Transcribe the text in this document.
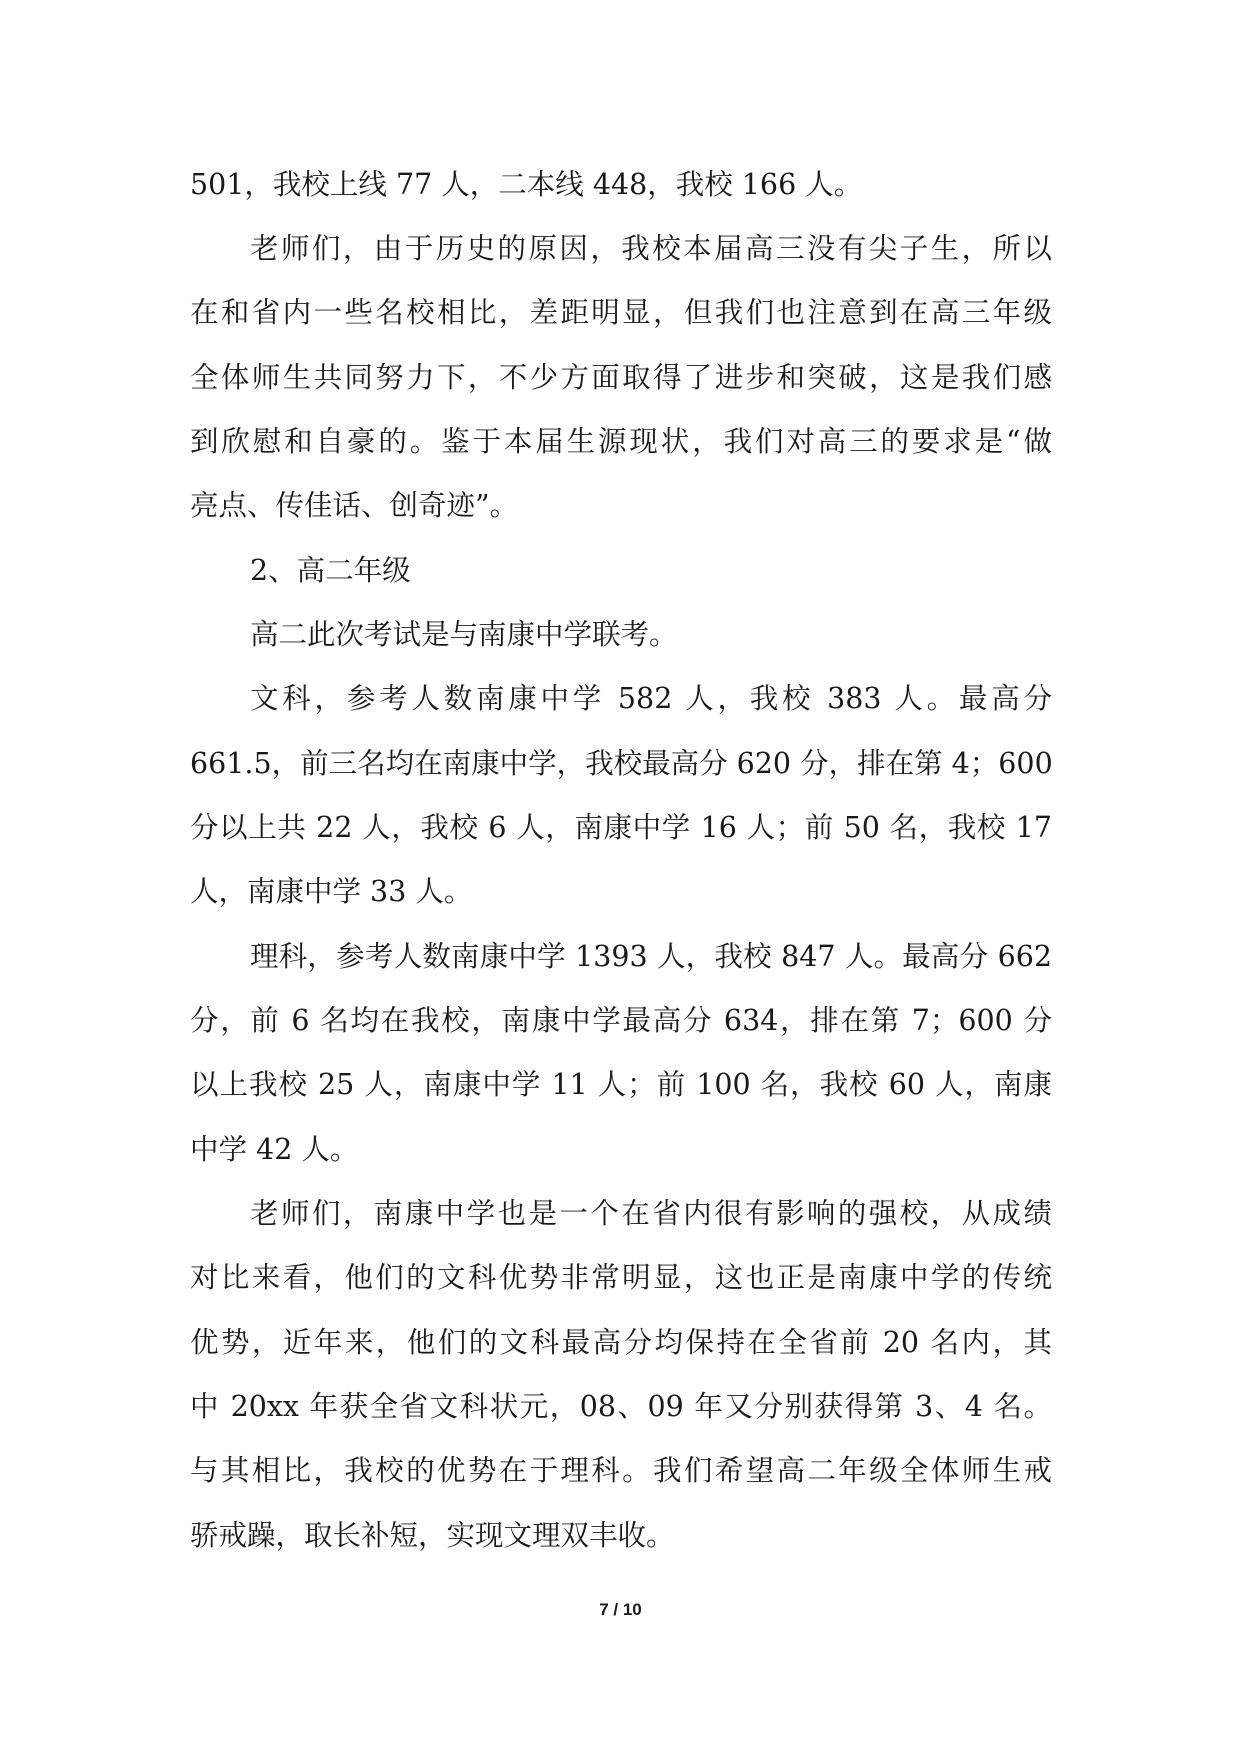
501，我校上线 77 人，二本线 448，我校 166 人。
老师们，由于历史的原因，我校本届高三没有尖子生，所以
在和省内一些名校相比，差距明显，但我们也注意到在高三年级
全体师生共同努力下，不少方面取得了进步和突破，这是我们感
到欣慰和自豪的。鉴于本届生源现状，我们对高三的要求是“做
亮点、传佳话、创奇迹”。
2、高二年级
高二此次考试是与南康中学联考。
文科，参考人数南康中学 582 人，我校 383 人。最高分
661.5，前三名均在南康中学，我校最高分 620 分，排在第 4；600
分以上共 22 人，我校 6 人，南康中学 16 人；前 50 名，我校 17
人，南康中学 33 人。
理科，参考人数南康中学 1393 人，我校 847 人。最高分 662
分，前 6 名均在我校，南康中学最高分 634，排在第 7；600 分
以上我校 25 人，南康中学 11 人；前 100 名，我校 60 人，南康
中学 42 人。
老师们，南康中学也是一个在省内很有影响的强校，从成绩
对比来看，他们的文科优势非常明显，这也正是南康中学的传统
优势，近年来，他们的文科最高分均保持在全省前 20 名内，其
中 20xx 年获全省文科状元，08、09 年又分别获得第 3、4 名。
与其相比，我校的优势在于理科。我们希望高二年级全体师生戒
骄戒躁，取长补短，实现文理双丰收。
7 / 10
